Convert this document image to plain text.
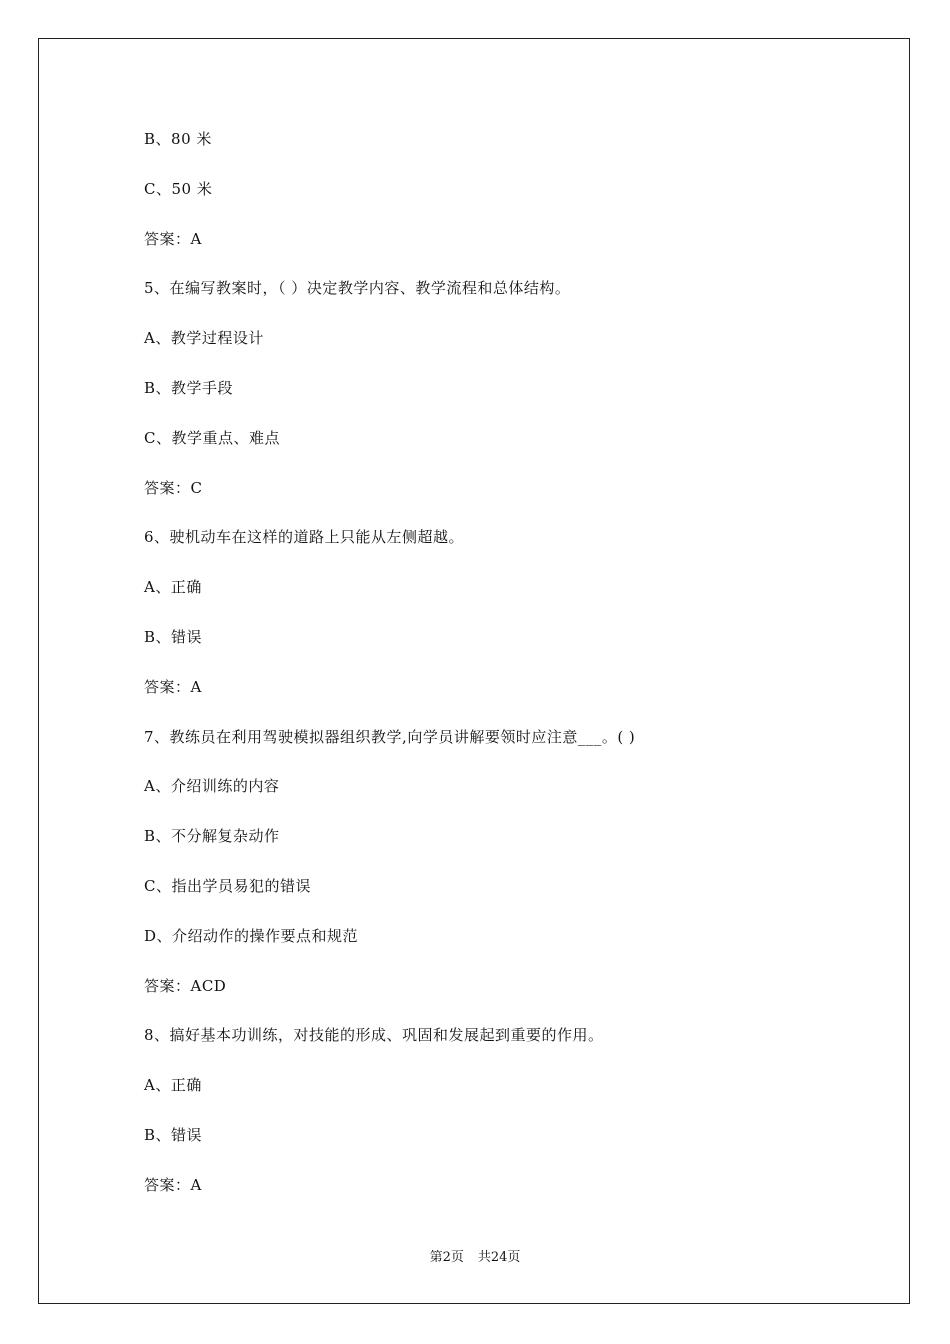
B、80 米
C、50 米
答案：A
5、在编写教案时，（ ）决定教学内容、教学流程和总体结构。
A、教学过程设计
B、教学手段
C、教学重点、难点
答案：C
6、驶机动车在这样的道路上只能从左侧超越。
A、正确
B、错误
答案：A
7、教练员在利用驾驶模拟器组织教学,向学员讲解要领时应注意___。( )
A、介绍训练的内容
B、不分解复杂动作
C、指出学员易犯的错误
D、介绍动作的操作要点和规范
答案：ACD
8、搞好基本功训练，对技能的形成、巩固和发展起到重要的作用。
A、正确
B、错误
答案：A
第2页 共24页
